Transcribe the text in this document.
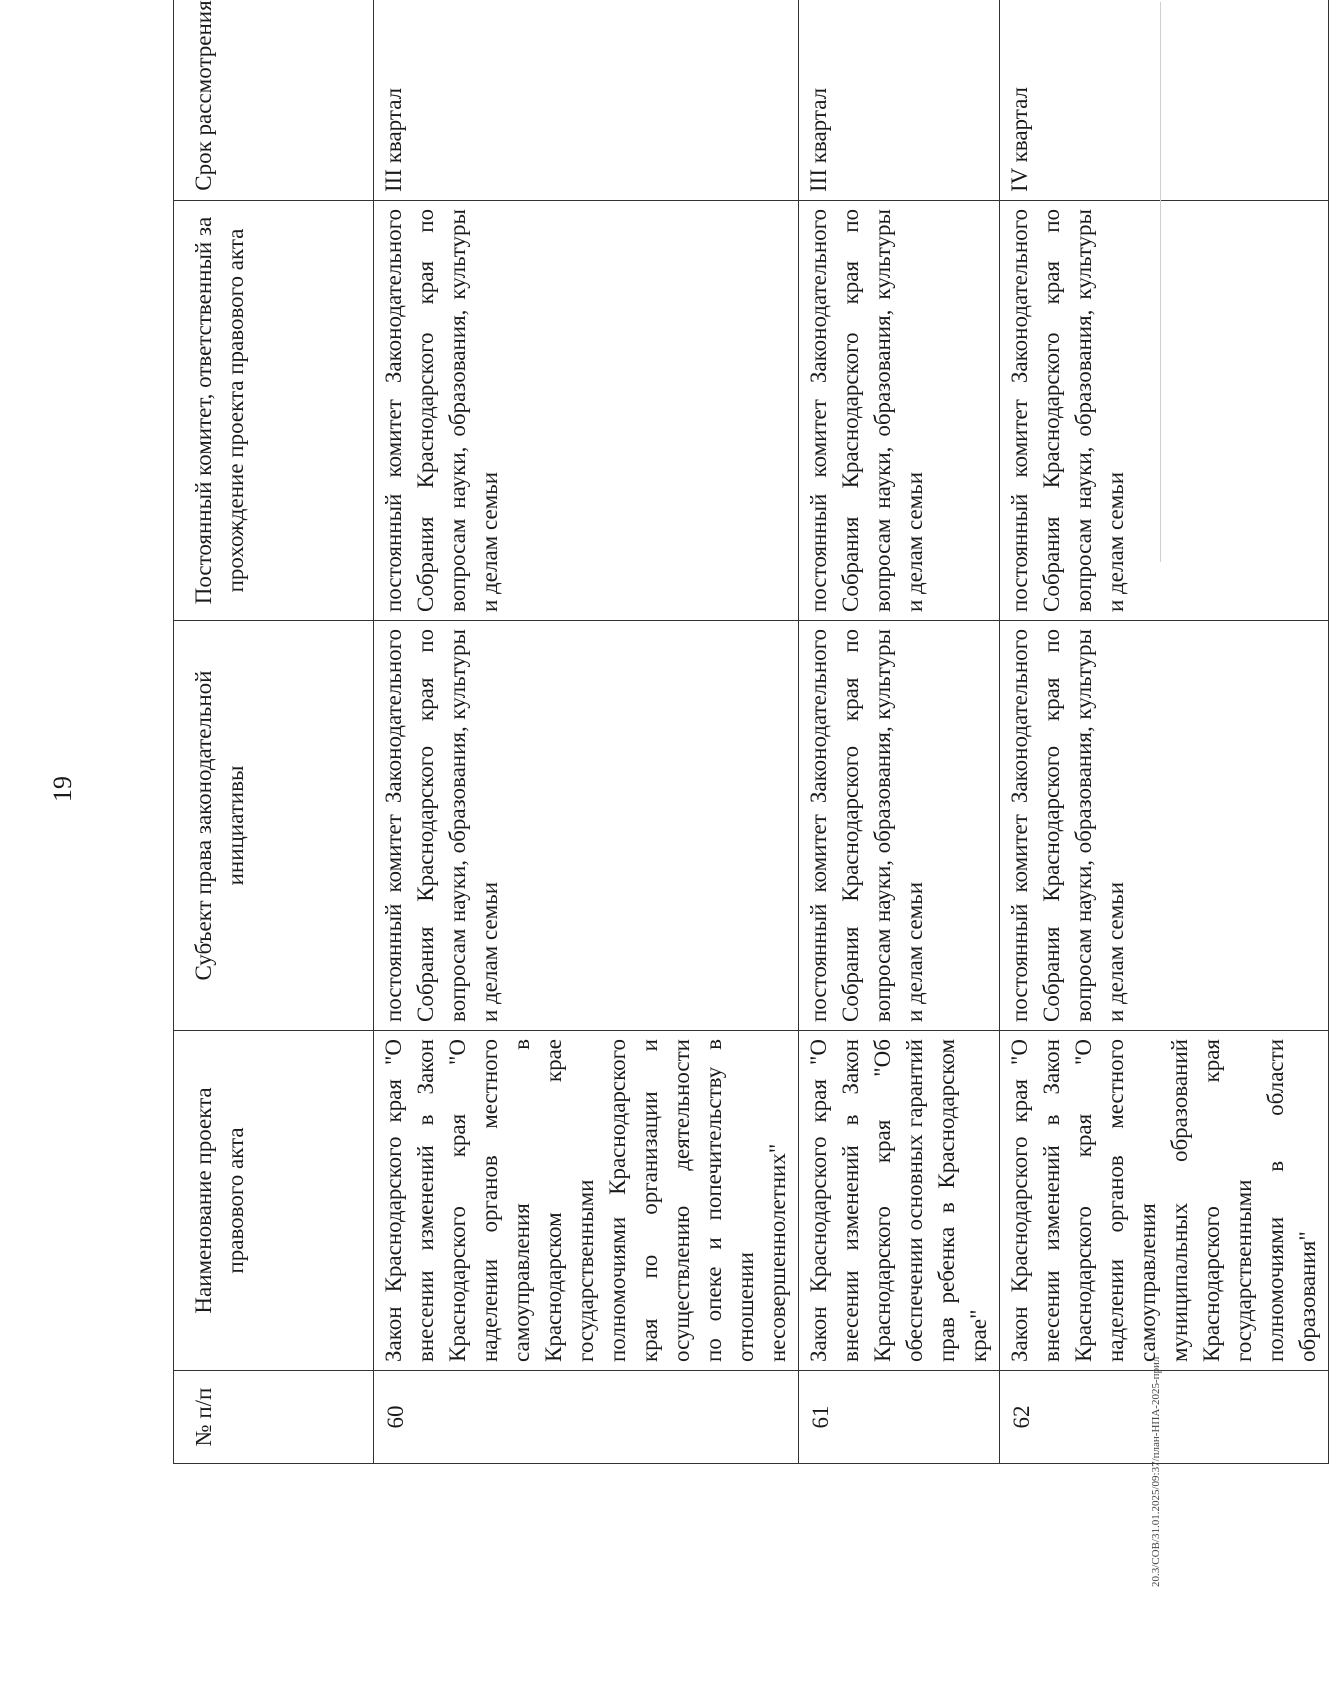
19
№ п/п	Наименование проекта правового акта	Субъект права законодательной инициативы	Постоянный комитет, ответственный за прохождение проекта правового акта	Срок рассмотрения
60	Закон Краснодарского края "О внесении изменений в Закон Краснодарского края "О наделении органов местного самоуправления в Краснодарском крае государственными полномочиями Краснодарского края по организации и осуществлению деятельности по опеке и попечительству в отношении несовершеннолетних"	постоянный комитет Законодательного Собрания Краснодарского края по вопросам науки, образования, культуры и делам семьи	постоянный комитет Законодательного Собрания Краснодарского края по вопросам науки, образования, культуры и делам семьи	III квартал
61	Закон Краснодарского края "О внесении изменений в Закон Краснодарского края "Об обеспечении основных гарантий прав ребенка в Краснодарском крае"	постоянный комитет Законодательного Собрания Краснодарского края по вопросам науки, образования, культуры и делам семьи	постоянный комитет Законодательного Собрания Краснодарского края по вопросам науки, образования, культуры и делам семьи	III квартал
62	Закон Краснодарского края "О внесении изменений в Закон Краснодарского края "О наделении органов местного самоуправления муниципальных образований Краснодарского края государственными полномочиями в области образования"	постоянный комитет Законодательного Собрания Краснодарского края по вопросам науки, образования, культуры и делам семьи	постоянный комитет Законодательного Собрания Краснодарского края по вопросам науки, образования, культуры и делам семьи	IV квартал
20.3/СОВ/31.01.2025/09:37/план-НПА-2025-прил
